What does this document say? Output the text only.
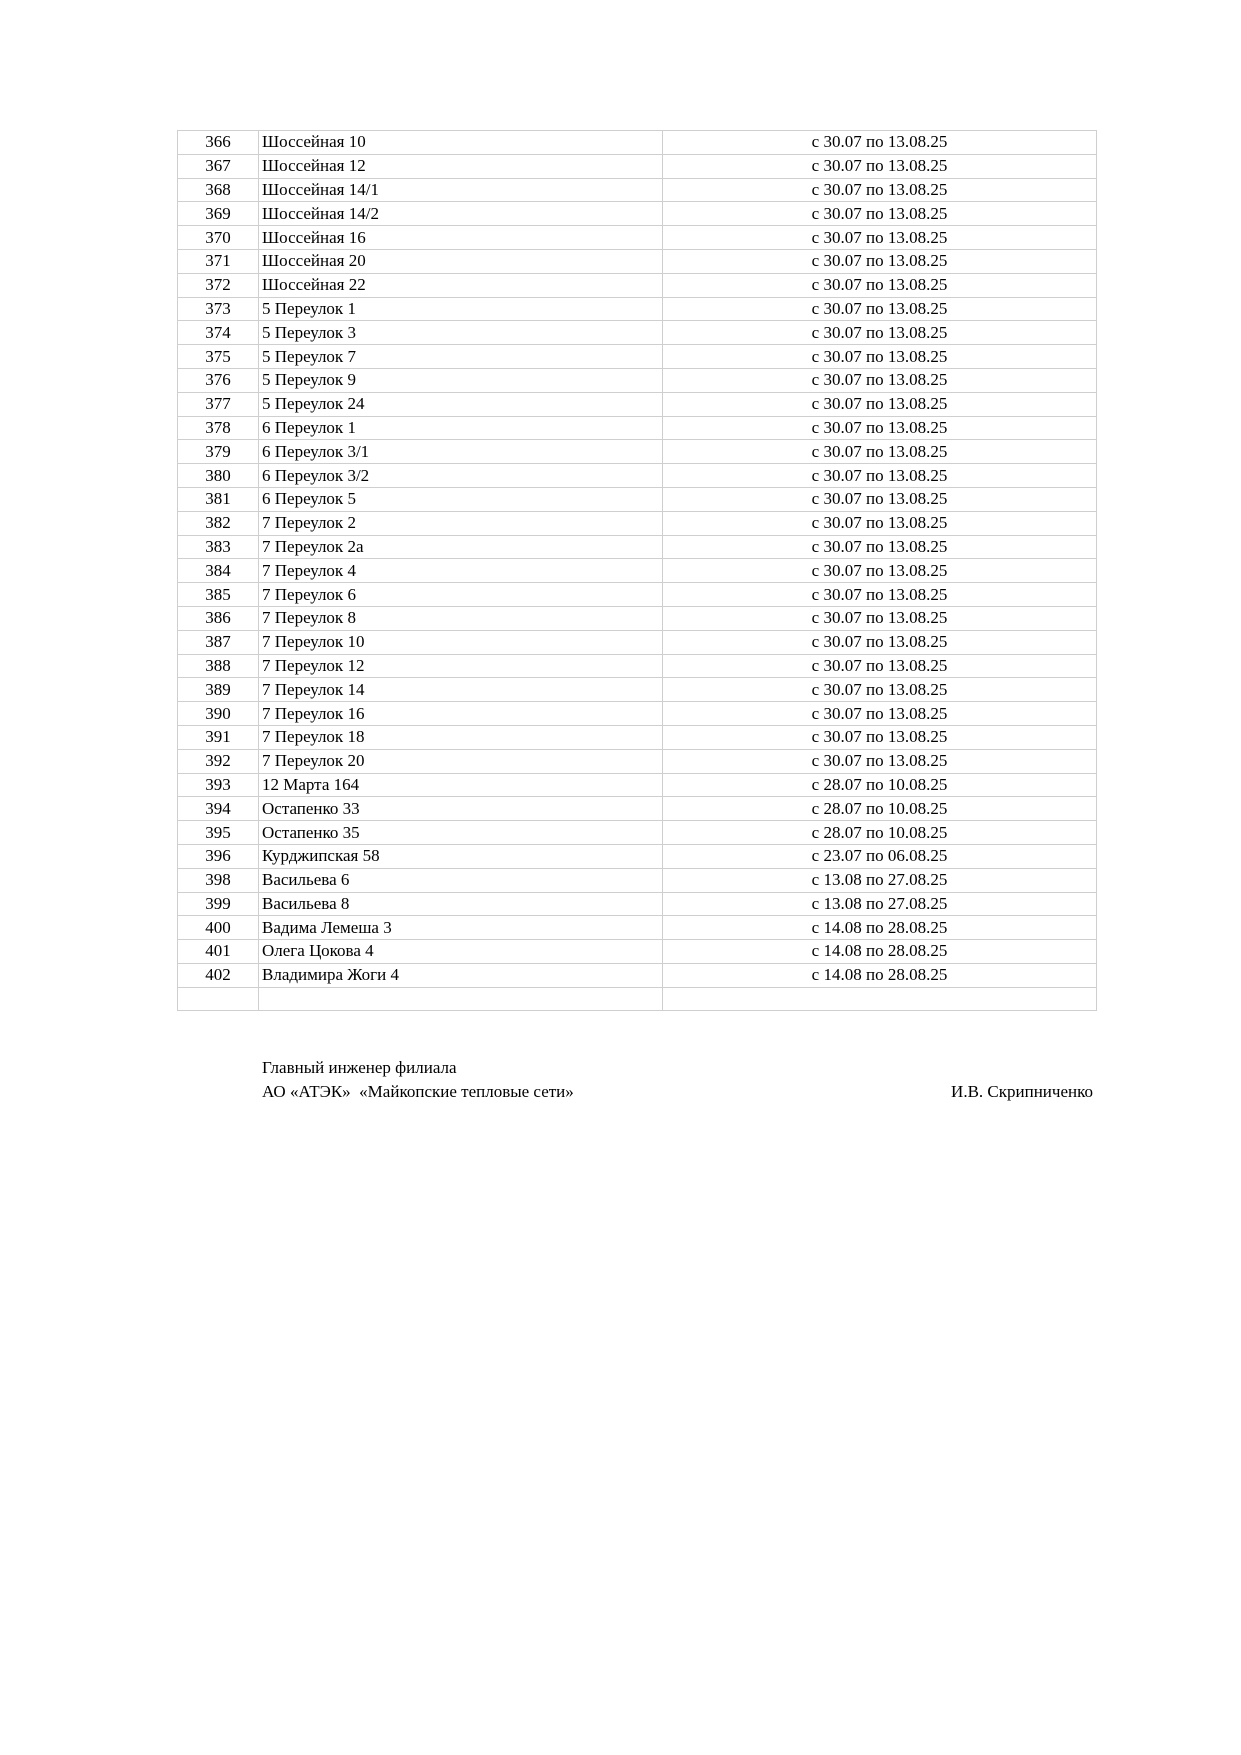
366	Шоссейная 10	с 30.07 по 13.08.25
367	Шоссейная 12	с 30.07 по 13.08.25
368	Шоссейная 14/1	с 30.07 по 13.08.25
369	Шоссейная 14/2	с 30.07 по 13.08.25
370	Шоссейная 16	с 30.07 по 13.08.25
371	Шоссейная 20	с 30.07 по 13.08.25
372	Шоссейная 22	с 30.07 по 13.08.25
373	5 Переулок 1	с 30.07 по 13.08.25
374	5 Переулок 3	с 30.07 по 13.08.25
375	5 Переулок 7	с 30.07 по 13.08.25
376	5 Переулок 9	с 30.07 по 13.08.25
377	5 Переулок 24	с 30.07 по 13.08.25
378	6 Переулок 1	с 30.07 по 13.08.25
379	6 Переулок 3/1	с 30.07 по 13.08.25
380	6 Переулок 3/2	с 30.07 по 13.08.25
381	6 Переулок 5	с 30.07 по 13.08.25
382	7 Переулок 2	с 30.07 по 13.08.25
383	7 Переулок 2а	с 30.07 по 13.08.25
384	7 Переулок 4	с 30.07 по 13.08.25
385	7 Переулок 6	с 30.07 по 13.08.25
386	7 Переулок 8	с 30.07 по 13.08.25
387	7 Переулок 10	с 30.07 по 13.08.25
388	7 Переулок 12	с 30.07 по 13.08.25
389	7 Переулок 14	с 30.07 по 13.08.25
390	7 Переулок 16	с 30.07 по 13.08.25
391	7 Переулок 18	с 30.07 по 13.08.25
392	7 Переулок 20	с 30.07 по 13.08.25
393	12 Марта 164	с 28.07 по 10.08.25
394	Остапенко 33	с 28.07 по 10.08.25
395	Остапенко 35	с 28.07 по 10.08.25
396	Курджипская 58	с 23.07 по 06.08.25
398	Васильева 6	с 13.08 по 27.08.25
399	Васильева 8	с 13.08 по 27.08.25
400	Вадима Лемеша 3	с 14.08 по 28.08.25
401	Олега Цокова 4	с 14.08 по 28.08.25
402	Владимира Жоги 4	с 14.08 по 28.08.25

Главный инженер филиала
АО «АТЭК»  «Майкопские тепловые сети»	И.В. Скрипниченко
